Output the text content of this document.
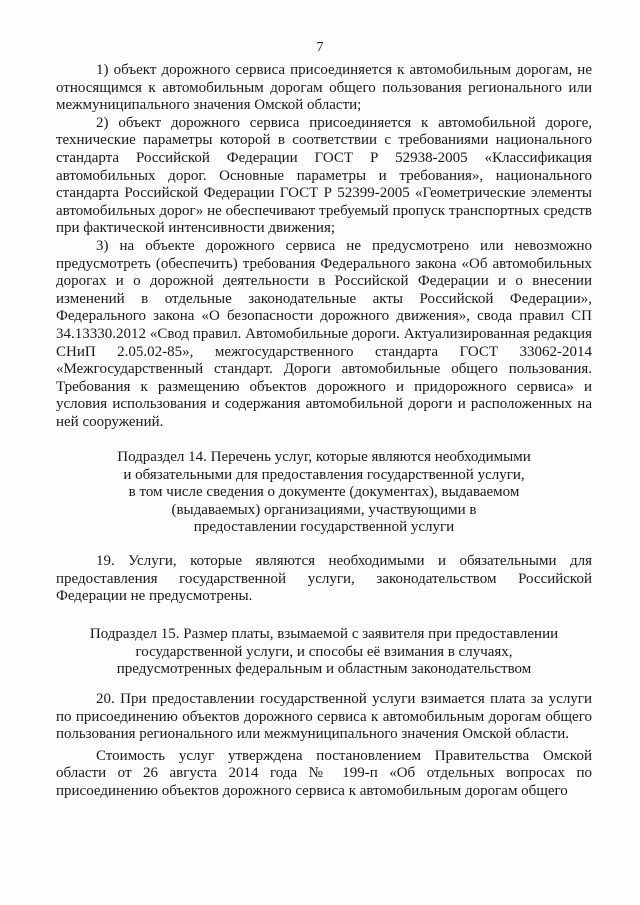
7

1) объект дорожного сервиса присоединяется к автомобильным дорогам, не относящимся к автомобильным дорогам общего пользования регионального или межмуниципального значения Омской области;

2) объект дорожного сервиса присоединяется к автомобильной дороге, технические параметры которой в соответствии с требованиями национального стандарта Российской Федерации ГОСТ Р 52938-2005 «Классификация автомобильных дорог. Основные параметры и требования», национального стандарта Российской Федерации ГОСТ Р 52399-2005 «Геометрические элементы автомобильных дорог» не обеспечивают требуемый пропуск транспортных средств при фактической интенсивности движения;

3) на объекте дорожного сервиса не предусмотрено или невозможно предусмотреть (обеспечить) требования Федерального закона «Об автомобильных дорогах и о дорожной деятельности в Российской Федерации и о внесении изменений в отдельные законодательные акты Российской Федерации», Федерального закона «О безопасности дорожного движения», свода правил СП 34.13330.2012 «Свод правил. Автомобильные дороги. Актуализированная редакция СНиП 2.05.02-85», межгосударственного стандарта ГОСТ 33062-2014 «Межгосударственный стандарт. Дороги автомобильные общего пользования. Требования к размещению объектов дорожного и придорожного сервиса» и условия использования и содержания автомобильной дороги и расположенных на ней сооружений.

Подраздел 14. Перечень услуг, которые являются необходимыми
и обязательными для предоставления государственной услуги,
в том числе сведения о документе (документах), выдаваемом
(выдаваемых) организациями, участвующими в
предоставлении государственной услуги

19. Услуги, которые являются необходимыми и обязательными для предоставления государственной услуги, законодательством Российской Федерации не предусмотрены.

Подраздел 15. Размер платы, взымаемой с заявителя при предоставлении
государственной услуги, и способы её взимания в случаях,
предусмотренных федеральным и областным законодательством

20. При предоставлении государственной услуги взимается плата за услуги по присоединению объектов дорожного сервиса к автомобильным дорогам общего пользования регионального или межмуниципального значения Омской области.

Стоимость услуг утверждена постановлением Правительства Омской области от 26 августа 2014 года № 199-п «Об отдельных вопросах по присоединению объектов дорожного сервиса к автомобильным дорогам общего
